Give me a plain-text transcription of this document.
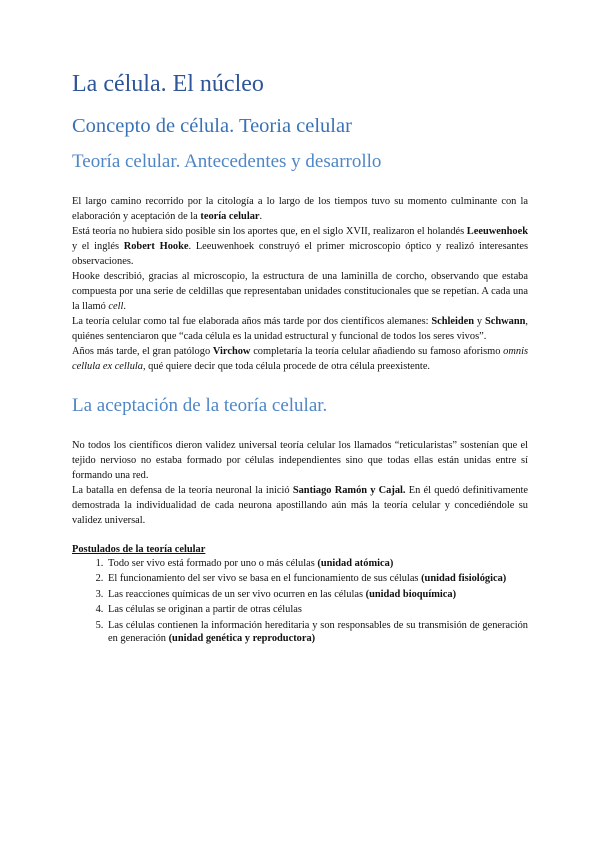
La célula. El núcleo
Concepto de célula. Teoria celular
Teoría celular. Antecedentes y desarrollo

El largo camino recorrido por la citología a lo largo de los tiempos tuvo su momento culminante con la elaboración y aceptación de la teoría celular.

Está teoría no hubiera sido posible sin los aportes que, en el siglo XVII, realizaron el holandés Leeuwenhoek y el inglés Robert Hooke. Leeuwenhoek construyó el primer microscopio óptico y realizó interesantes observaciones.

Hooke describió, gracias al microscopio, la estructura de una laminilla de corcho, observando que estaba compuesta por una serie de celdillas que representaban unidades constitucionales que se repetían. A cada una la llamó cell.

La teoría celular como tal fue elaborada años más tarde por dos científicos alemanes: Schleiden y Schwann, quiénes sentenciaron que “cada célula es la unidad estructural y funcional de todos los seres vivos”.

Años más tarde, el gran patólogo Virchow completaría la teoría celular añadiendo su famoso aforismo omnis cellula ex cellula, qué quiere decir que toda célula procede de otra célula preexistente.

La aceptación de la teoría celular.

No todos los científicos dieron validez universal teoría celular los llamados “reticularistas” sostenían que el tejido nervioso no estaba formado por células independientes sino que todas ellas están unidas entre sí formando una red.

La batalla en defensa de la teoría neuronal la inició Santiago Ramón y Cajal. En él quedó definitivamente demostrada la individualidad de cada neurona apostillando aún más la teoría celular y concediéndole su validez universal.

Postulados de la teoría celular
1. Todo ser vivo está formado por uno o más células (unidad atómica)
2. El funcionamiento del ser vivo se basa en el funcionamiento de sus células (unidad fisiológica)
3. Las reacciones químicas de un ser vivo ocurren en las células (unidad bioquímica)
4. Las células se originan a partir de otras células
5. Las células contienen la información hereditaria y son responsables de su transmisión de generación en generación (unidad genética y reproductora)
